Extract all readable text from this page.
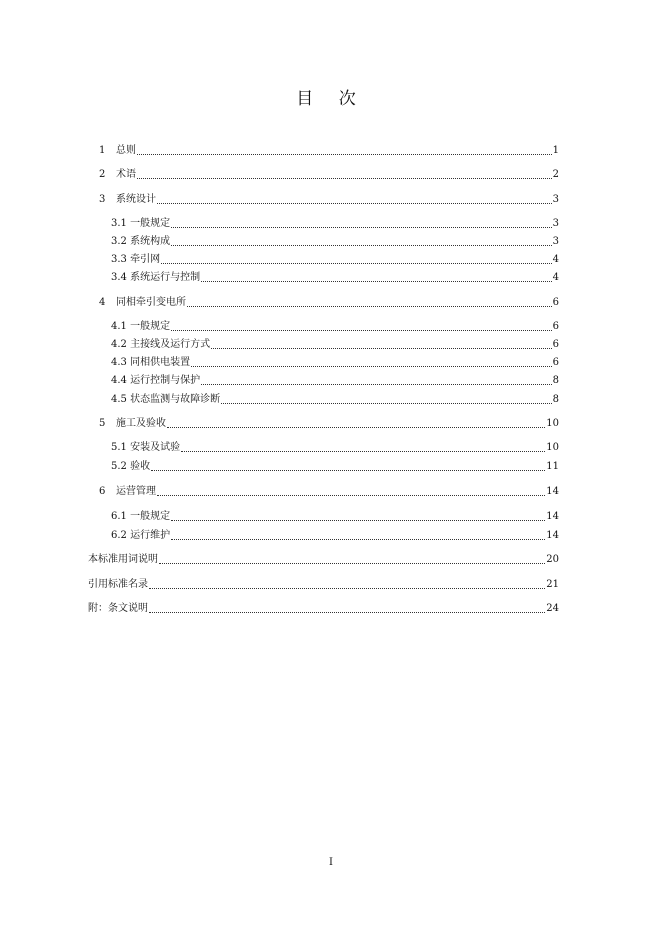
目 次
1	总则	1
2	术语	2
3	系统设计	3
3.1 一般规定	3
3.2 系统构成	3
3.3 牵引网	4
3.4 系统运行与控制	4
4	同相牵引变电所	6
4.1 一般规定	6
4.2 主接线及运行方式	6
4.3 同相供电装置	6
4.4 运行控制与保护	8
4.5 状态监测与故障诊断	8
5	施工及验收	10
5.1 安装及试验	10
5.2 验收	11
6	运营管理	14
6.1 一般规定	14
6.2 运行维护	14
本标准用词说明	20
引用标准名录	21
附：条文说明	24
I
